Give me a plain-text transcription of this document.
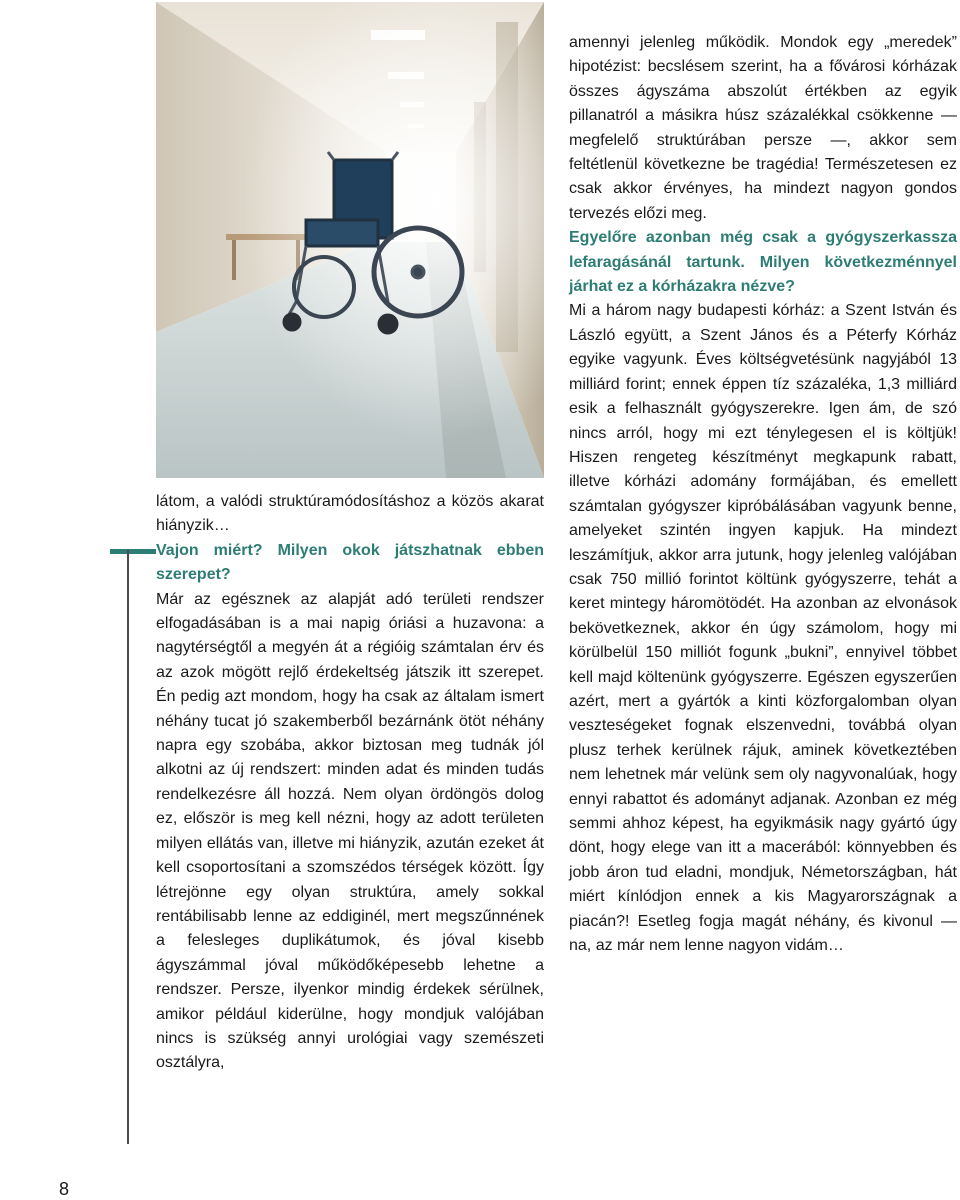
látom, a valódi struktúramódosításhoz a közös akarat hiányzik…

Vajon miért? Milyen okok játszhatnak ebben szerepet?

Már az egésznek az alapját adó területi rendszer elfogadásában is a mai napig óriási a huzavona: a nagytérségtől a megyén át a régióig számtalan érv és az azok mögött rejlő érdekeltség játszik itt szerepet. Én pedig azt mondom, hogy ha csak az általam ismert néhány tucat jó szakemberből bezárnánk ötöt néhány napra egy szobába, akkor biztosan meg tudnák jól alkotni az új rendszert: minden adat és minden tudás rendelkezésre áll hozzá. Nem olyan ördöngös dolog ez, először is meg kell nézni, hogy az adott területen milyen ellátás van, illetve mi hiányzik, azután ezeket át kell csoportosítani a szomszédos térségek között. Így létrejönne egy olyan struktúra, amely sokkal rentábilisabb lenne az eddiginél, mert megszűnnének a felesleges duplikátumok, és jóval kisebb ágyszámmal jóval működőképesebb lehetne a rendszer. Persze, ilyenkor mindig érdekek sérülnek, amikor például kiderülne, hogy mondjuk valójában nincs is szükség annyi urológiai vagy szemészeti osztályra,

amennyi jelenleg működik. Mondok egy „meredek” hipotézist: becslésem szerint, ha a fővárosi kórházak összes ágyszáma abszolút értékben az egyik pillanatról a másikra húsz százalékkal csökkenne — megfelelő struktúrában persze —, akkor sem feltétlenül következne be tragédia! Természetesen ez csak akkor érvényes, ha mindezt nagyon gondos tervezés előzi meg.

Egyelőre azonban még csak a gyógyszerkassza lefaragásánál tartunk. Milyen következménnyel járhat ez a kórházakra nézve?

Mi a három nagy budapesti kórház: a Szent István és László együtt, a Szent János és a Péterfy Kórház egyike vagyunk. Éves költségvetésünk nagyjából 13 milliárd forint; ennek éppen tíz százaléka, 1,3 milliárd esik a felhasznált gyógyszerekre. Igen ám, de szó nincs arról, hogy mi ezt ténylegesen el is költjük! Hiszen rengeteg készítményt megkapunk rabatt, illetve kórházi adomány formájában, és emellett számtalan gyógyszer kipróbálásában vagyunk benne, amelyeket szintén ingyen kapjuk. Ha mindezt leszámítjuk, akkor arra jutunk, hogy jelenleg valójában csak 750 millió forintot költünk gyógyszerre, tehát a keret mintegy háromötödét. Ha azonban az elvonások bekövetkeznek, akkor én úgy számolom, hogy mi körülbelül 150 milliót fogunk „bukni”, ennyivel többet kell majd költenünk gyógyszerre. Egészen egyszerűen azért, mert a gyártók a kinti közforgalomban olyan veszteségeket fognak elszenvedni, továbbá olyan plusz terhek kerülnek rájuk, aminek következtében nem lehetnek már velünk sem oly nagyvonalúak, hogy ennyi rabattot és adományt adjanak. Azonban ez még semmi ahhoz képest, ha egyikmásik nagy gyártó úgy dönt, hogy elege van itt a macerából: könnyebben és jobb áron tud eladni, mondjuk, Németországban, hát miért kínlódjon ennek a kis Magyarországnak a piacán?! Esetleg fogja magát néhány, és kivonul — na, az már nem lenne nagyon vidám…

8
